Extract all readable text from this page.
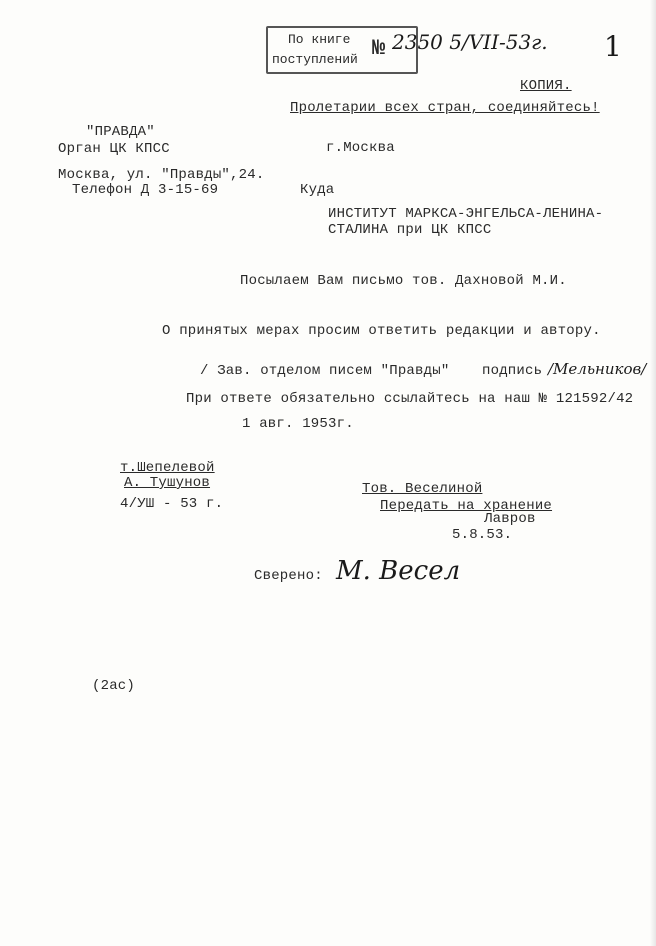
По книге
поступлений № 2350 5/VII-53г. 1
КОПИЯ.
Пролетарии всех стран, соединяйтесь!
"ПРАВДА"
Орган ЦК КПСС	г.Москва
Москва, ул. "Правды",24.
Телефон Д 3-15-69	Куда
ИНСТИТУТ МАРКСА-ЭНГЕЛЬСА-ЛЕНИНА-
СТАЛИНА при ЦК КПСС
Посылаем Вам письмо тов. Дахновой М.И.
О принятых мерах просим ответить редакции и автору.
/ Зав. отделом писем "Правды" подпись /Мельников/
При ответе обязательно ссылайтесь на наш № 121592/42
1 авг. 1953г.
т.Шепелевой
А. Тушунов
4/УШ - 53 г.
Тов. Веселиной
Передать на хранение
Лавров
5.8.53.
Сверено: М. Весел
(2ас)
